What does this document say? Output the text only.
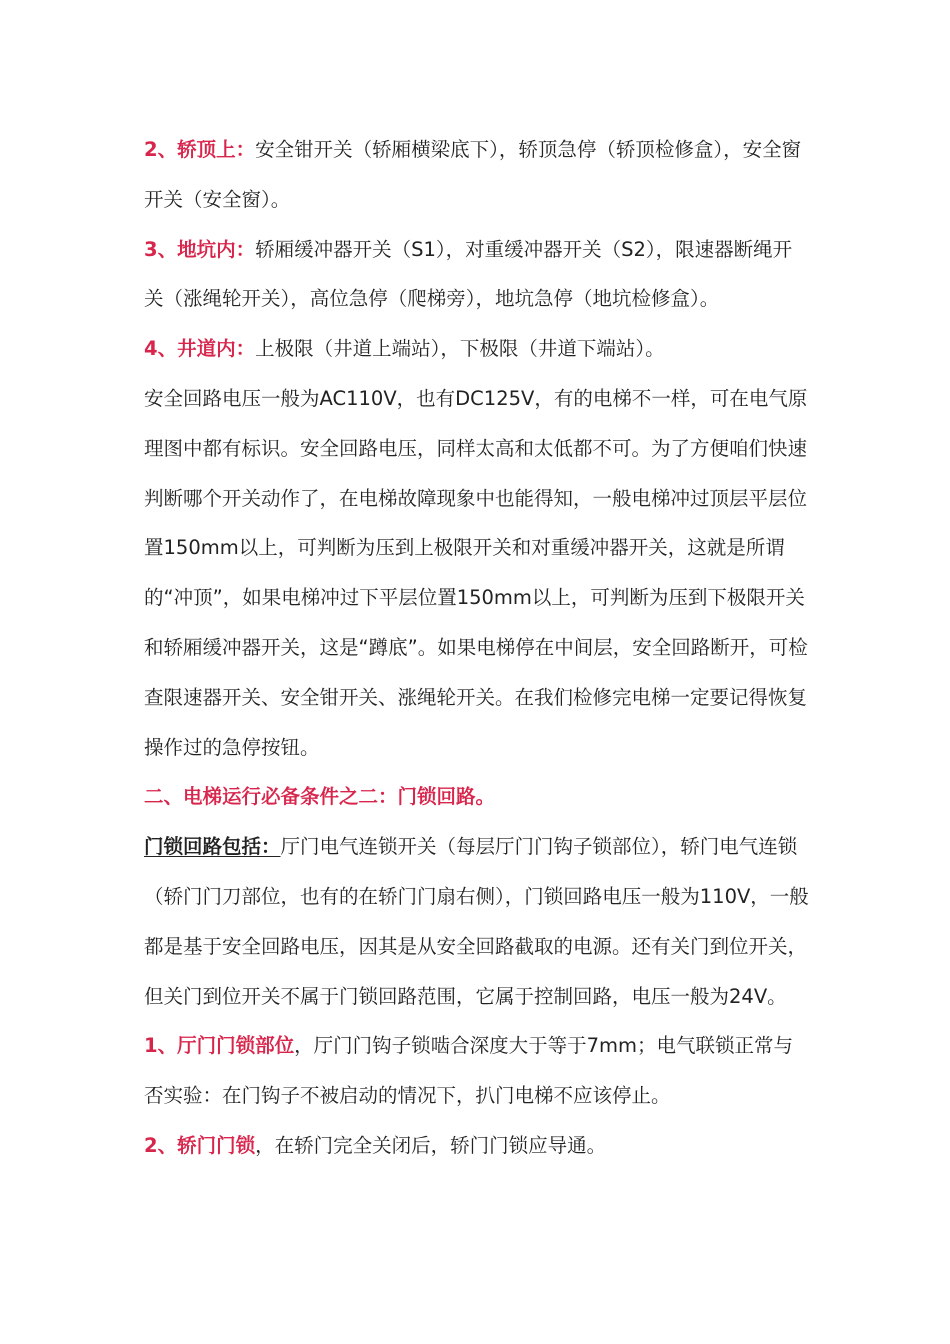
2、轿顶上：安全钳开关（轿厢横梁底下），轿顶急停（轿顶检修盒），安全窗开关（安全窗）。

3、地坑内：轿厢缓冲器开关（S1），对重缓冲器开关（S2），限速器断绳开关（涨绳轮开关），高位急停（爬梯旁），地坑急停（地坑检修盒）。

4、井道内：上极限（井道上端站），下极限（井道下端站）。

安全回路电压一般为AC110V，也有DC125V，有的电梯不一样，可在电气原理图中都有标识。安全回路电压，同样太高和太低都不可。为了方便咱们快速判断哪个开关动作了，在电梯故障现象中也能得知，一般电梯冲过顶层平层位置150mm以上，可判断为压到上极限开关和对重缓冲器开关，这就是所谓的“冲顶”，如果电梯冲过下平层位置150mm以上，可判断为压到下极限开关和轿厢缓冲器开关，这是“蹲底”。如果电梯停在中间层，安全回路断开，可检查限速器开关、安全钳开关、涨绳轮开关。在我们检修完电梯一定要记得恢复操作过的急停按钮。

二、电梯运行必备条件之二：门锁回路。

门锁回路包括：厅门电气连锁开关（每层厅门门钩子锁部位），轿门电气连锁（轿门门刀部位，也有的在轿门门扇右侧），门锁回路电压一般为110V，一般都是基于安全回路电压，因其是从安全回路截取的电源。还有关门到位开关，但关门到位开关不属于门锁回路范围，它属于控制回路，电压一般为24V。

1、厅门门锁部位，厅门门钩子锁啮合深度大于等于7mm；电气联锁正常与否实验：在门钩子不被启动的情况下，扒门电梯不应该停止。

2、轿门门锁，在轿门完全关闭后，轿门门锁应导通。
